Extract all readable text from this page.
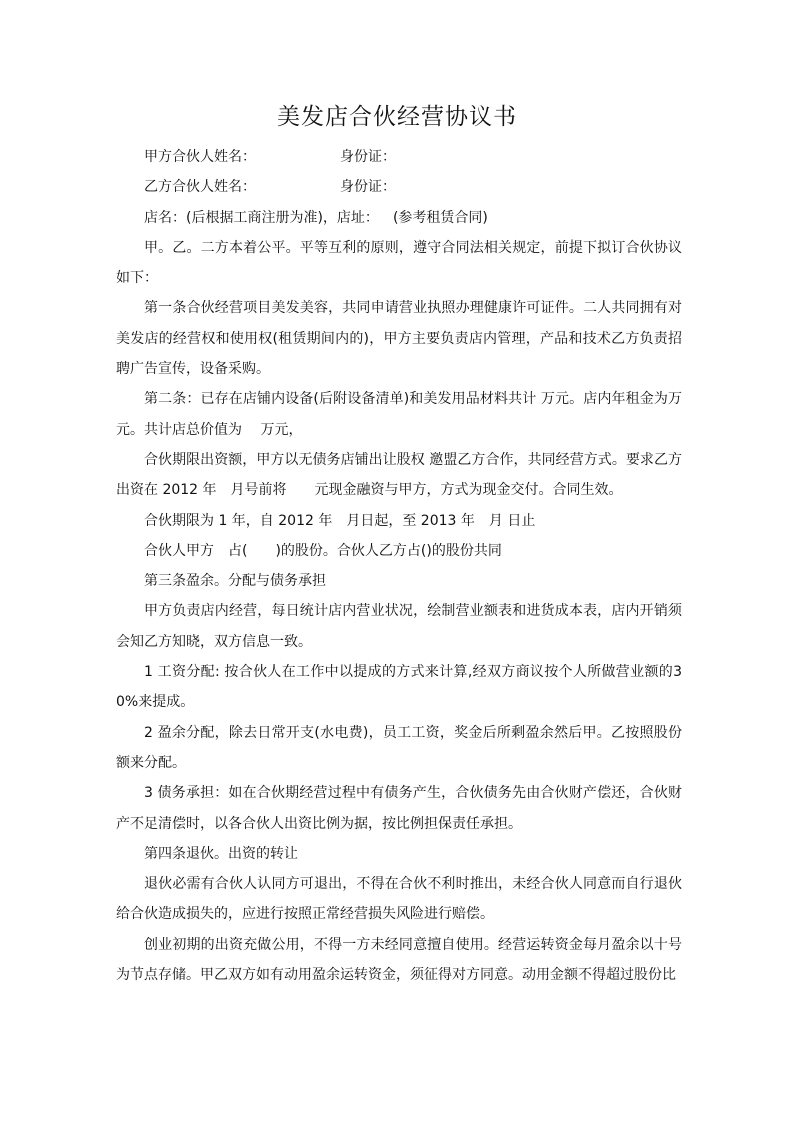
美发店合伙经营协议书
甲方合伙人姓名：	身份证：
乙方合伙人姓名：	身份证：
店名：(后根据工商注册为准)，店址： (参考租赁合同)

甲。乙。二方本着公平。平等互利的原则，遵守合同法相关规定，前提下拟订合伙协议如下：

第一条合伙经营项目美发美容，共同申请营业执照办理健康许可证件。二人共同拥有对美发店的经营权和使用权(租赁期间内的)，甲方主要负责店内管理，产品和技术乙方负责招聘广告宣传，设备采购。

第二条：已存在店铺内设备(后附设备清单)和美发用品材料共计 万元。店内年租金为万元。共计店总价值为　 万元，

合伙期限出资额，甲方以无债务店铺出让股权 邀盟乙方合作，共同经营方式。要求乙方出资在 2012 年　月号前将　　元现金融资与甲方，方式为现金交付。合同生效。

合伙期限为 1 年，自 2012 年　月日起，至 2013 年　月 日止

合伙人甲方　占(　　)的股份。合伙人乙方占()的股份共同

第三条盈余。分配与债务承担

甲方负责店内经营，每日统计店内营业状况，绘制营业额表和进货成本表，店内开销须会知乙方知晓，双方信息一致。

1 工资分配: 按合伙人在工作中以提成的方式来计算,经双方商议按个人所做营业额的30%来提成。

2 盈余分配，除去日常开支(水电费)，员工工资，奖金后所剩盈余然后甲。乙按照股份额来分配。

3 债务承担：如在合伙期经营过程中有债务产生，合伙债务先由合伙财产偿还，合伙财产不足清偿时，以各合伙人出资比例为据，按比例担保责任承担。

第四条退伙。出资的转让

退伙必需有合伙人认同方可退出，不得在合伙不利时推出，未经合伙人同意而自行退伙给合伙造成损失的，应进行按照正常经营损失风险进行赔偿。

创业初期的出资充做公用，不得一方未经同意擅自使用。经营运转资金每月盈余以十号为节点存储。甲乙双方如有动用盈余运转资金，须征得对方同意。动用金额不得超过股份比
